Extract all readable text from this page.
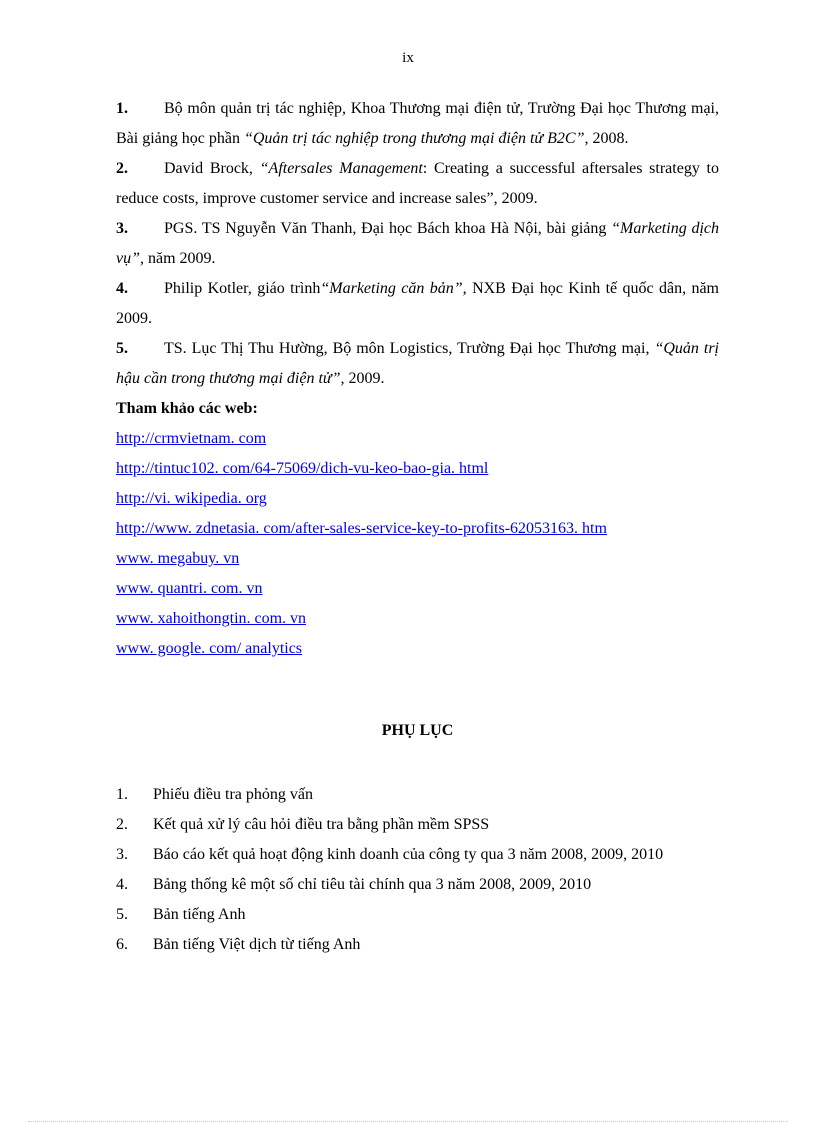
ix

1. Bộ môn quản trị tác nghiệp, Khoa Thương mại điện tử, Trường Đại học Thương mại, Bài giảng học phần “Quản trị tác nghiệp trong thương mại điện tử B2C”, 2008.

2. David Brock, “Aftersales Management: Creating a successful aftersales strategy to reduce costs, improve customer service and increase sales”, 2009.

3. PGS. TS Nguyễn Văn Thanh, Đại học Bách khoa Hà Nội, bài giảng “Marketing dịch vụ”, năm 2009.

4. Philip Kotler, giáo trình“Marketing căn bản”, NXB Đại học Kinh tế quốc dân, năm 2009.

5. TS. Lục Thị Thu Hường, Bộ môn Logistics, Trường Đại học Thương mại, “Quản trị hậu cần trong thương mại điện tử”, 2009.

Tham khảo các web:

http://crmvietnam. com
http://tintuc102. com/64-75069/dich-vu-keo-bao-gia. html
http://vi. wikipedia. org
http://www. zdnetasia. com/after-sales-service-key-to-profits-62053163. htm
www. megabuy. vn
www. quantri. com. vn
www. xahoithongtin. com. vn
www. google. com/ analytics
PHỤ LỤC

1. Phiếu điều tra phỏng vấn

2. Kết quả xử lý câu hỏi điều tra bằng phần mềm SPSS

3. Báo cáo kết quả hoạt động kinh doanh của công ty qua 3 năm 2008, 2009, 2010

4. Bảng thống kê một số chỉ tiêu tài chính qua 3 năm 2008, 2009, 2010

5. Bản tiếng Anh

6. Bản tiếng Việt dịch từ tiếng Anh
